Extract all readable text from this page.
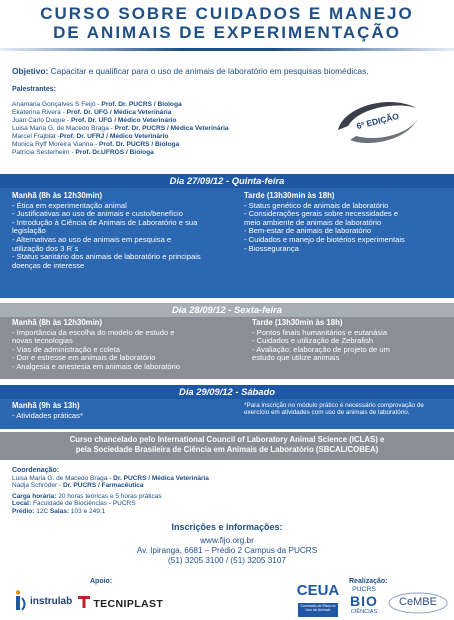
CURSO SOBRE CUIDADOS E MANEJO
DE ANIMAIS DE EXPERIMENTAÇÃO
Objetivo: Capacitar e qualificar para o uso de animais de laboratório em pesquisas biomédicas.
Palestrantes:
Anamaria Gonçalves S Feijó - Prof. Dr. PUCRS / Biologa
Ekaterina Rivera - Prof. Dr. UFG / Médica Veterinária
Juan Carlo Duque - Prof. Dr. UFG / Médico Veterinário
Luisa Maria G. de Macedo Braga - Prof. Dr. PUCRS / Médica Veterinária
Marcel Frajblat -Prof. Dr. UFRJ / Médico Veterinário
Monica Ryff Moreira Vianna - Prof. Dr. PUCRS / Bióloga
Patrícia Sesterheim - Prof. Dr.UFRGS / Bióloga
6ª EDIÇÃO
Dia 27/09/12 - Quinta-feira
Manhã (8h às 12h30min)
- Ética em experimentação animal
- Justificativas ao uso de animais e custo/benefício
- Introdução à Ciência de Animais de Laboratório e sua
legislação
- Alternativas ao uso de animais em pesquisa e
utilização dos 3 R´s
- Status sanitário dos animais de laboratório e principais
doenças de interesse
Tarde (13h30min às 18h)
- Status genético de animais de laboratório
- Considerações gerais sobre necessidades e
meio ambiente de animais de laboratório
- Bem-estar de animais de laboratório
- Cuidados e manejo de biotérios experimentais
- Biossegurança
Dia 28/09/12 - Sexta-feira
Manhã (8h às 12h30min)
- Importância da escolha do modelo de estudo e
novas tecnologias
- Vias de administração e coleta
- Dor e estresse em animais de laboratório
- Analgesia e anestesia em animais de laboratório
Tarde (13h30min às 18h)
- Pontos finais humanitários e eutanásia
- Cuidados e utilização de Zebrafish
- Avaliação: elaboração de projeto de um
estudo que utilize animais
Dia 29/09/12 - Sábado
Manhã (9h às 13h)
- Atividades práticas*
*Para inscrição no módulo prático é necessário comprovação de exercício em atividades com uso de animais de laboratório.
Curso chancelado pelo International Council of Laboratory Animal Science (ICLAS) e
pela Sociedade Brasileira de Ciência em Animais de Laboratório (SBCAL/COBEA)

Coordenação:

Luisa Maria G. de Macedo Braga - Dr. PUCRS / Médica Veterinária

Nadja Schröder - Dr. PUCRS / Farmacêutica

Carga horária: 20 horas teóricas e 5 horas práticas

Local: Faculdade de Biociências - PUCRS

Prédio: 12C Salas: 103 e 249.1

Inscrições e informações:
www.fijo.org.br
Av. Ipiranga, 6681 – Prédio 2 Campus da PUCRS
(51) 3205 3100 / (51) 3205 3107
Apoio:	Realização:
instrulab	TECNIPLAST
CEUA
Comissão de Ética no Uso de Animais
PUCRS
BIO
CIÊNCIAS
CeMBE
